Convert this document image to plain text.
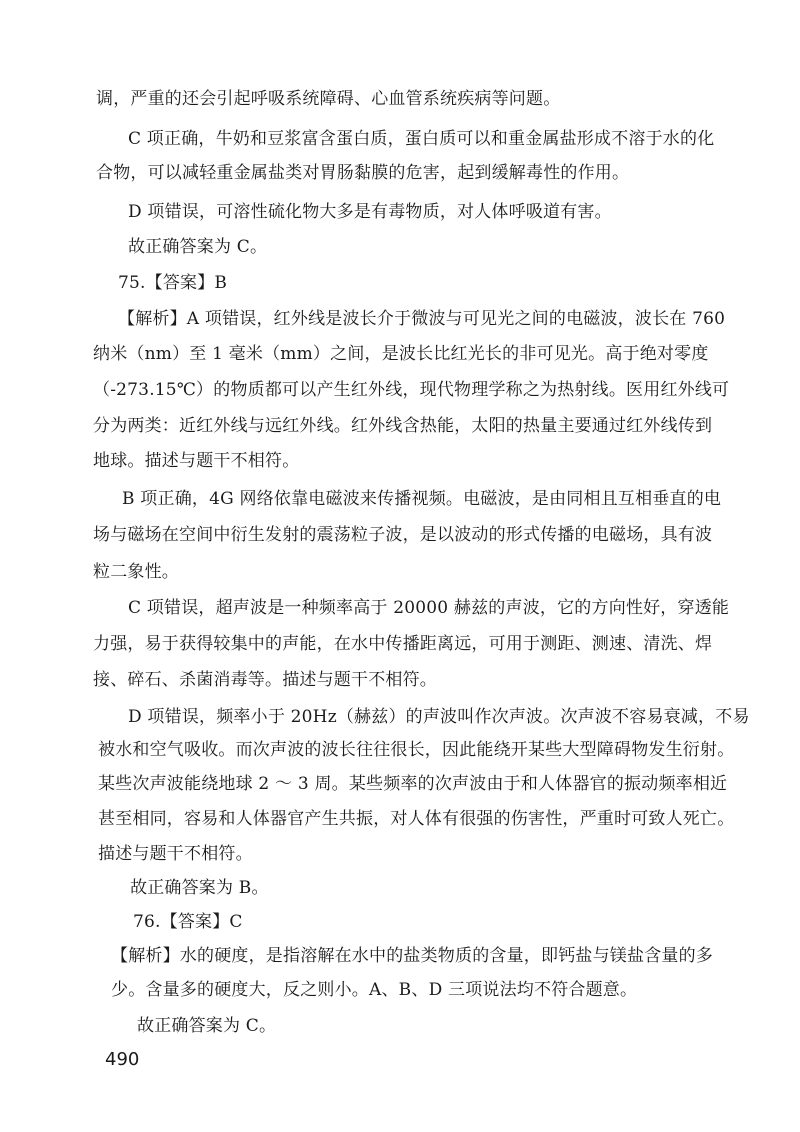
调，严重的还会引起呼吸系统障碍、心血管系统疾病等问题。
C 项正确，牛奶和豆浆富含蛋白质，蛋白质可以和重金属盐形成不溶于水的化
合物，可以减轻重金属盐类对胃肠黏膜的危害，起到缓解毒性的作用。
D 项错误，可溶性硫化物大多是有毒物质，对人体呼吸道有害。
故正确答案为 C。
75.【答案】B
【解析】A 项错误，红外线是波长介于微波与可见光之间的电磁波，波长在 760
纳米（nm）至 1 毫米（mm）之间，是波长比红光长的非可见光。高于绝对零度
（-273.15℃）的物质都可以产生红外线，现代物理学称之为热射线。医用红外线可
分为两类：近红外线与远红外线。红外线含热能，太阳的热量主要通过红外线传到
地球。描述与题干不相符。
B 项正确，4G 网络依靠电磁波来传播视频。电磁波，是由同相且互相垂直的电
场与磁场在空间中衍生发射的震荡粒子波，是以波动的形式传播的电磁场，具有波
粒二象性。
C 项错误，超声波是一种频率高于 20000 赫兹的声波，它的方向性好，穿透能
力强，易于获得较集中的声能，在水中传播距离远，可用于测距、测速、清洗、焊
接、碎石、杀菌消毒等。描述与题干不相符。
D 项错误，频率小于 20Hz（赫兹）的声波叫作次声波。次声波不容易衰减，不易
被水和空气吸收。而次声波的波长往往很长，因此能绕开某些大型障碍物发生衍射。
某些次声波能绕地球 2 ～ 3 周。某些频率的次声波由于和人体器官的振动频率相近
甚至相同，容易和人体器官产生共振，对人体有很强的伤害性，严重时可致人死亡。
描述与题干不相符。
故正确答案为 B。
76.【答案】C
【解析】水的硬度，是指溶解在水中的盐类物质的含量，即钙盐与镁盐含量的多
少。含量多的硬度大，反之则小。A、B、D 三项说法均不符合题意。
故正确答案为 C。
490
